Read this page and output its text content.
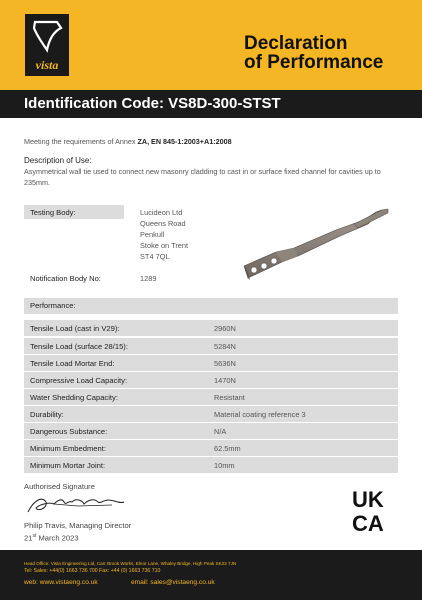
vista
Declaration
of Performance
Identification Code: VS8D-300-STST
Meeting the requirements of Annex ZA, EN 845-1:2003+A1:2008
Description of Use:
Asymmetrical wall tie used to connect new masonry cladding to cast in or surface fixed channel for cavities up to 235mm.
Testing Body:	Lucideon Ltd
Queens Road
Penkull
Stoke on Trent
ST4 7QL
Notification Body No:	1289
Performance:
Tensile Load (cast in V29):	2960N
Tensile Load (surface 28/15):	5284N
Tensile Load Mortar End:	5636N
Compressive Load Capacity:	1470N
Water Shedding Capacity:	Resistant
Durability:	Material coating reference 3
Dangerous Substance:	N/A
Minimum Embedment:	62.5mm
Minimum Mortar Joint:	10mm
Authorised Signature
Philip Travis, Managing Director
21st March 2023
UK
CA
Head Office: Vista Engineering Ltd, Carr Brook Works, Elnor Lane, Whaley Bridge, High Peak SK23 7JN
Tel: Sales: +44(0) 1663 736 700 Fax: +44 (0) 1663 736 710
web: www.vistaeng.co.uk	email: sales@vistaeng.co.uk
